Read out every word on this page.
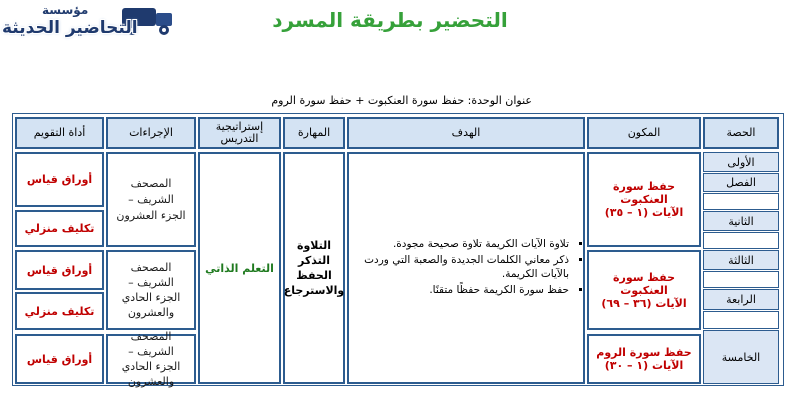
مؤسسة
التحاضير الحديثة	التحضير بطريقة المسرد
عنوان الوحدة: حفظ سورة العنكبوت + حفظ سورة الروم
الحصة
المكون
الهدف
المهارة
إستراتيجية التدريس
الإجراءات
أداة التقويم
الأولى
الفصل
الثانية
الثالثة
الرابعة
الخامسة
حفظ سورة العنكبوت
الآيات (١ – ٣٥)
حفظ سورة العنكبوت
الآيات (٣٦ – ٦٩)
حفظ سورة الروم
الآيات (١ – ٣٠)
▪ تلاوة الآيات الكريمة تلاوة صحيحة مجودة.
▪ ذكر معاني الكلمات الجديدة والصعبة التي وردت بالآيات الكريمة.
▪ حفظ سورة الكريمة حفظًا متقنًا.
التلاوة
التذكر
الحفظ
والاسترجاع
التعلم الذاتي
المصحف الشريف – الجزء العشرون
المصحف الشريف – الجزء الحادي والعشرون
المصحف الشريف – الجزء الحادي والعشرون
أوراق قياس
تكليف منزلي
أوراق قياس
تكليف منزلي
أوراق قياس
